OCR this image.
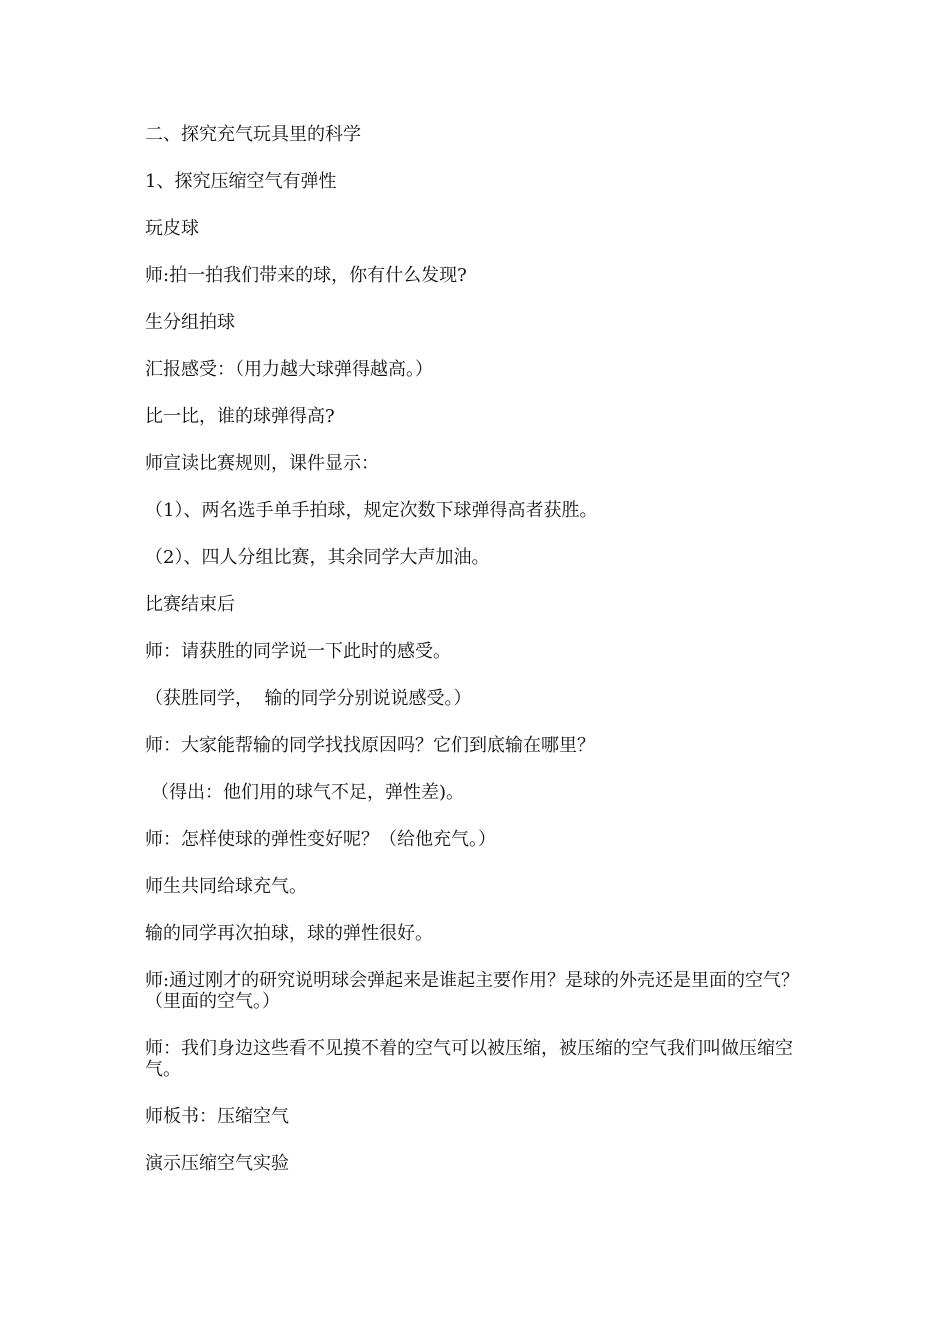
二、探究充气玩具里的科学

1、探究压缩空气有弹性

玩皮球

师:拍一拍我们带来的球，你有什么发现?

生分组拍球

汇报感受：（用力越大球弹得越高。）

比一比，谁的球弹得高?

师宣读比赛规则，课件显示：

（1）、两名选手单手拍球，规定次数下球弹得高者获胜。

（2）、四人分组比赛，其余同学大声加油。

比赛结束后

师：请获胜的同学说一下此时的感受。

（获胜同学，  输的同学分别说说感受。）

师：大家能帮输的同学找找原因吗？它们到底输在哪里？

（得出：他们用的球气不足，弹性差)。

师：怎样使球的弹性变好呢？（给他充气。）

师生共同给球充气。

输的同学再次拍球，球的弹性很好。

师:通过刚才的研究说明球会弹起来是谁起主要作用？是球的外壳还是里面的空气？（里面的空气。）

师：我们身边这些看不见摸不着的空气可以被压缩，被压缩的空气我们叫做压缩空气。

师板书：压缩空气

演示压缩空气实验
